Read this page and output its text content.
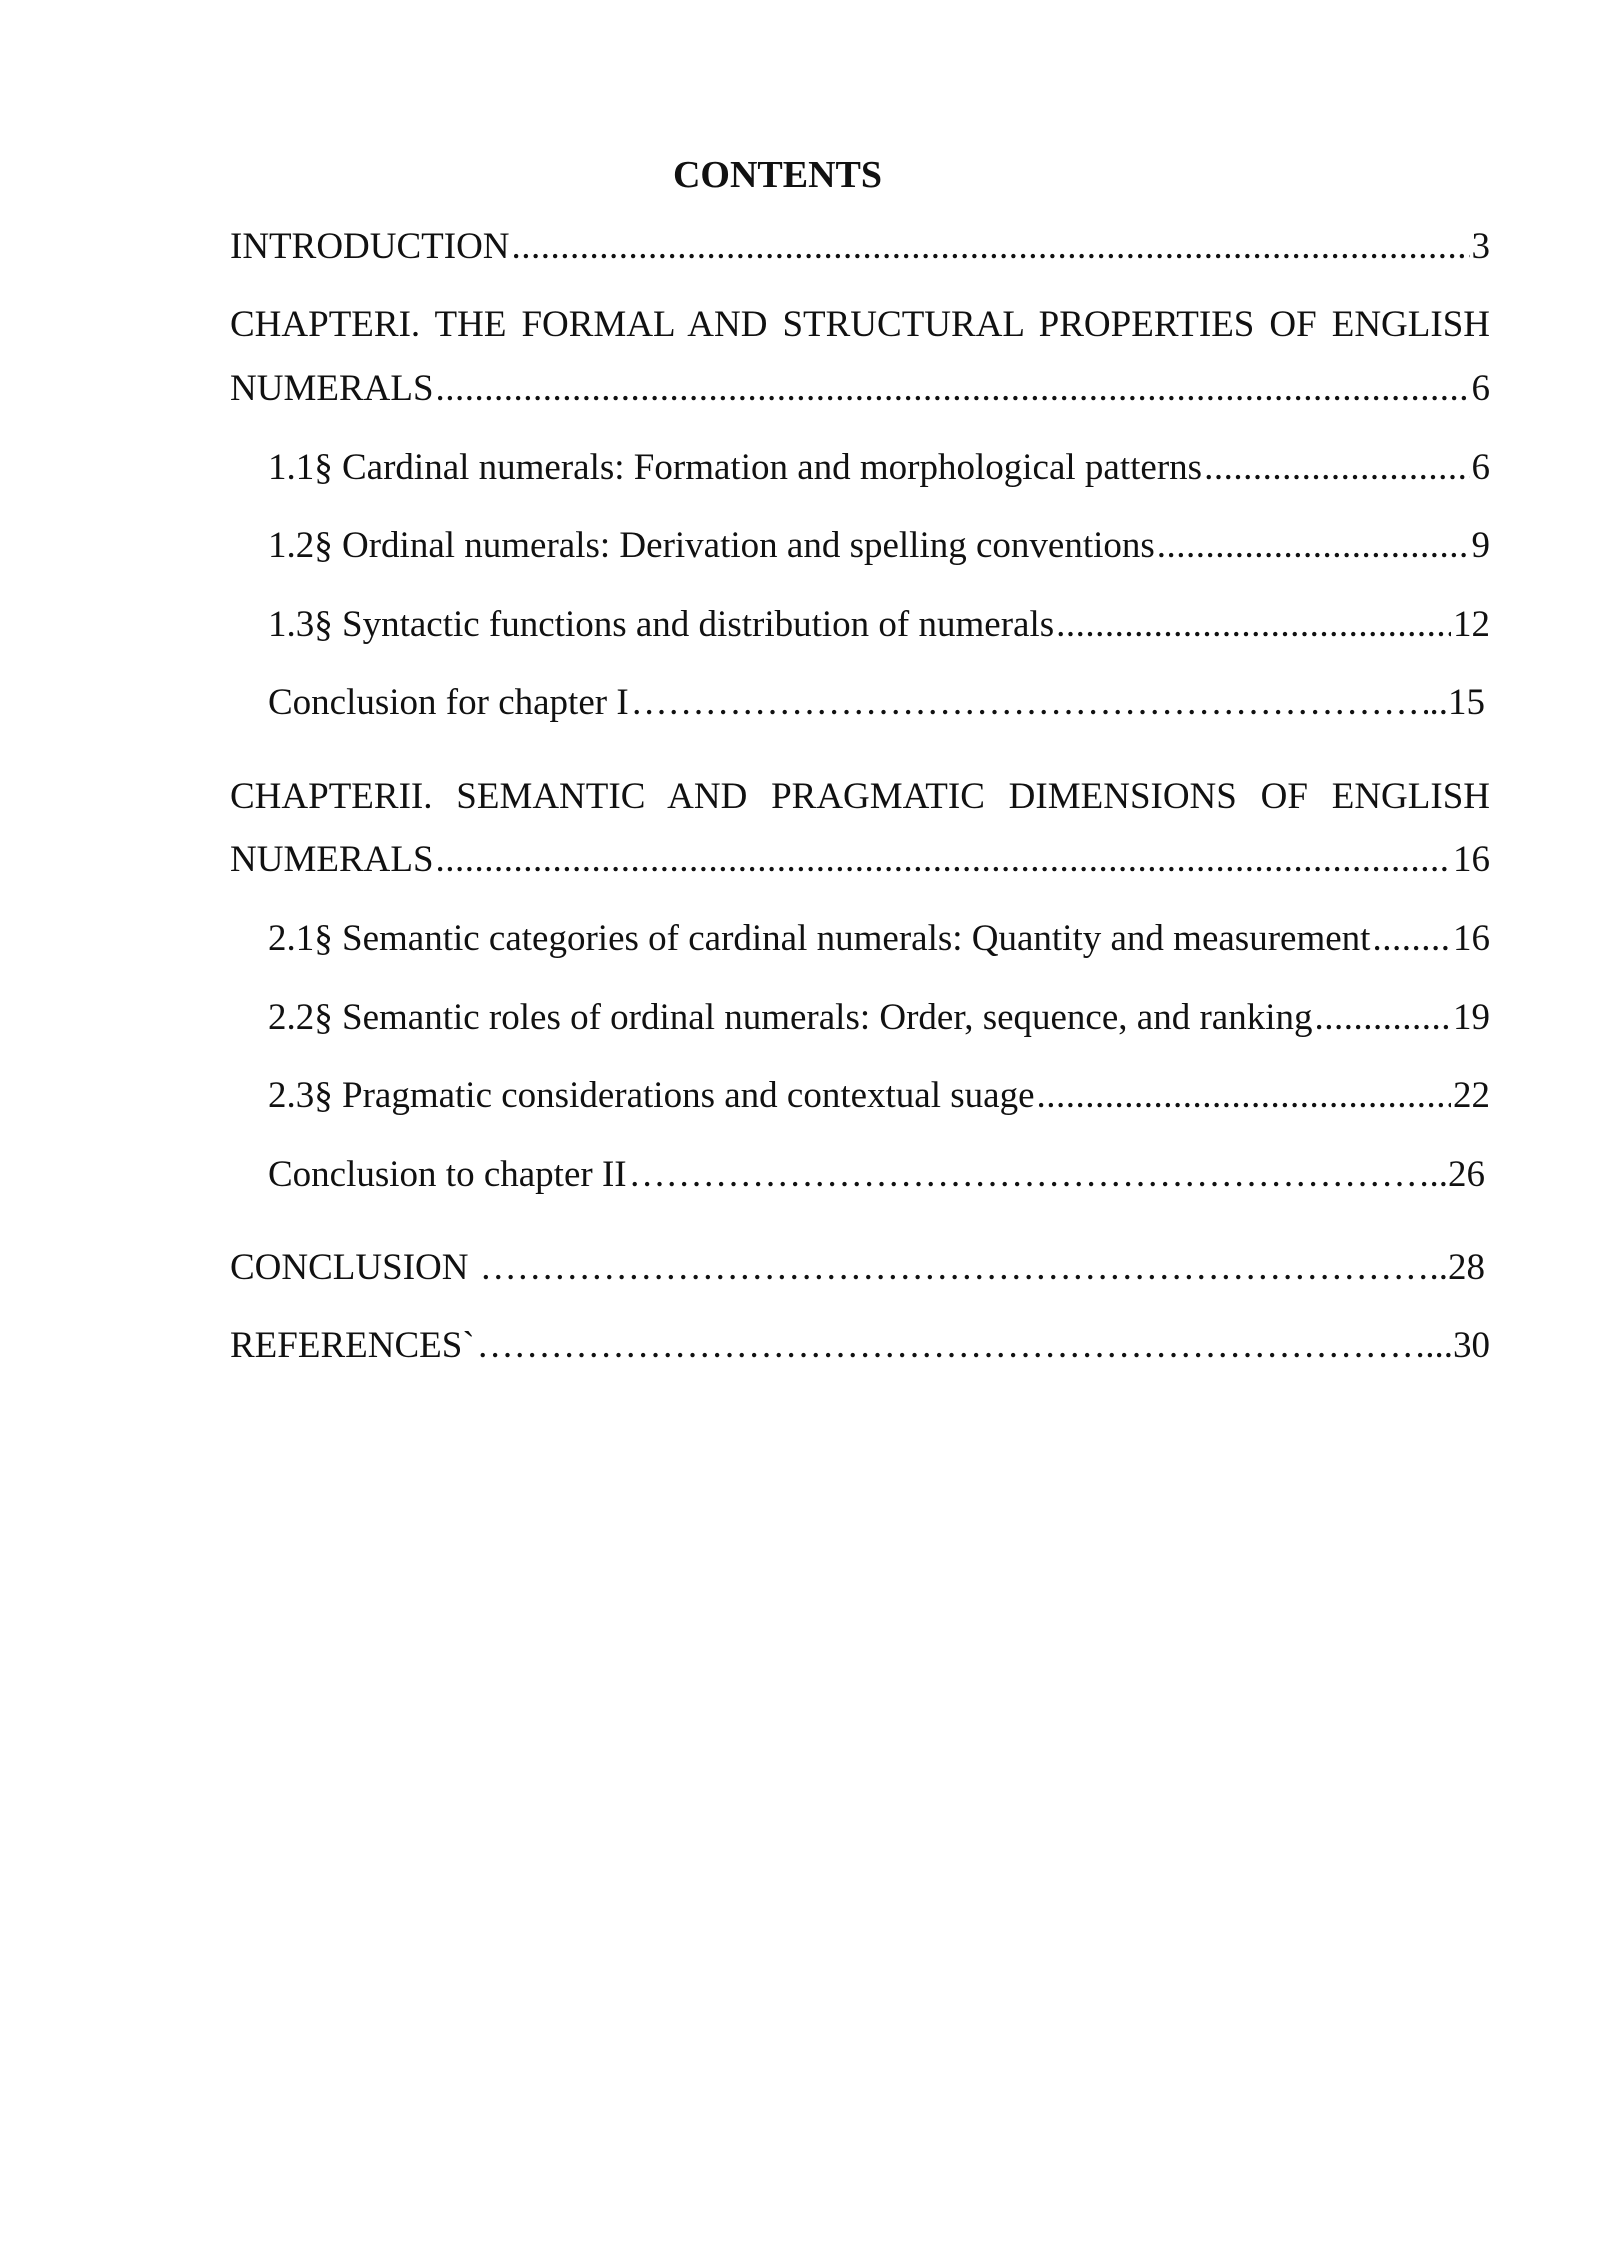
CONTENTS
INTRODUCTION .....	3
CHAPTERI. THE FORMAL AND STRUCTURAL PROPERTIES OF ENGLISH
NUMERALS .....	6
1.1§ Cardinal numerals: Formation and morphological patterns .....	6
1.2§ Ordinal numerals: Derivation and spelling conventions .....	9
1.3§ Syntactic functions and distribution of numerals .....	12
Conclusion for chapter I …………………………………………………………………………………………………………………………………………………………………………………………………………	..15
CHAPTERII. SEMANTIC AND PRAGMATIC DIMENSIONS OF ENGLISH
NUMERALS .....	16
2.1§ Semantic categories of cardinal numerals: Quantity and measurement ..... 16
2.2§ Semantic roles of ordinal numerals: Order, sequence, and ranking .....	19
2.3§ Pragmatic considerations and contextual suage .....	22
Conclusion to chapter II …………………………………………………………………………………………………………………………………………………………………………………………………………	..26
CONCLUSION …………………………………………………………………………………………………………………………………………………………………………………………………………	..28
REFERENCES` …………………………………………………………………………………………………………………………………………………………………………………………………………	...30
